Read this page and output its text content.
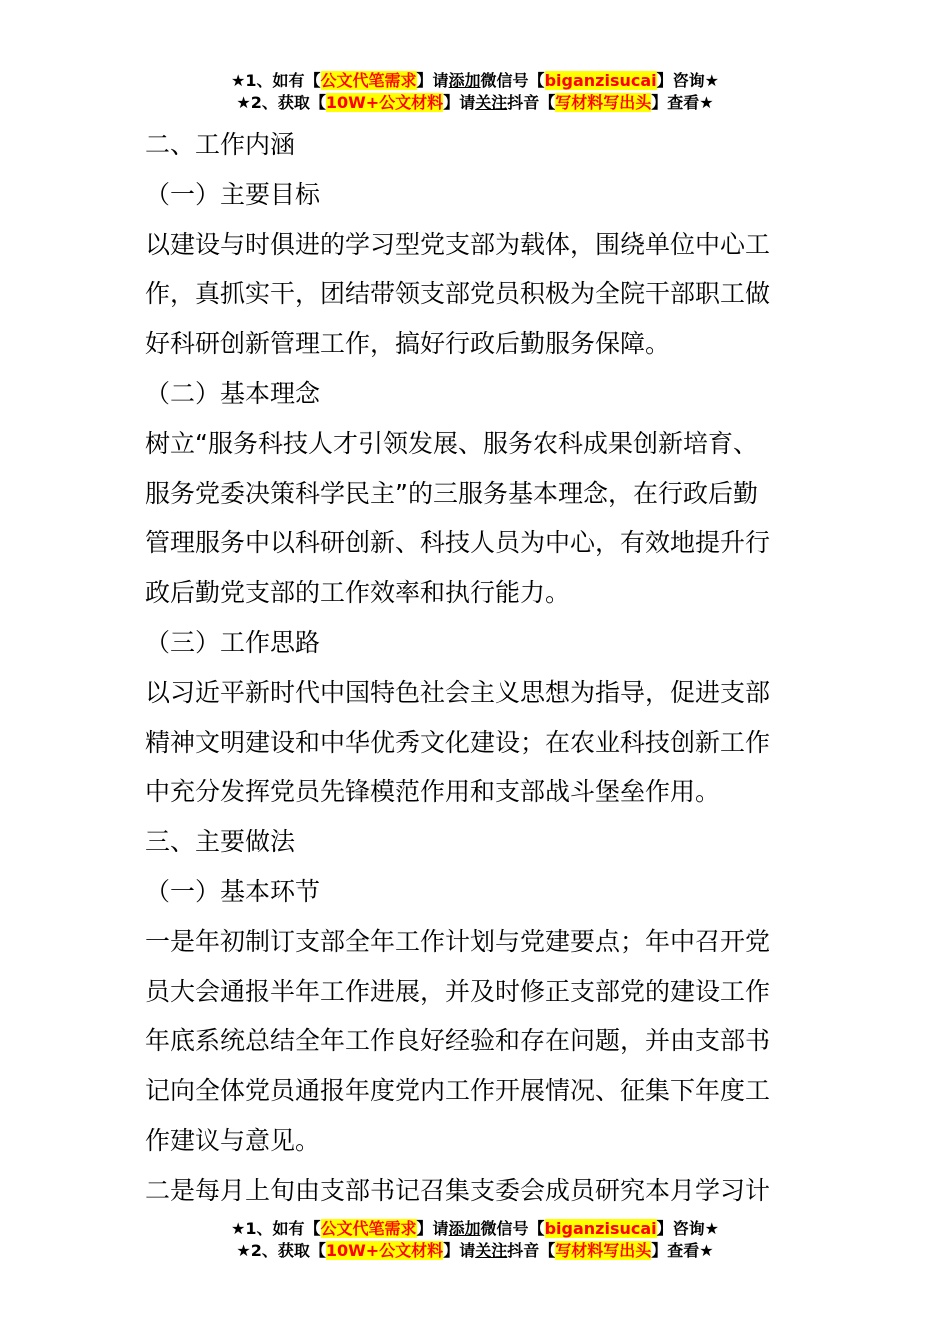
★1、如有【公文代笔需求】请添加微信号【biganzisucai】咨询★
★2、获取【10W+公文材料】请关注抖音【写材料写出头】查看★
二、工作内涵
（一）主要目标
以建设与时俱进的学习型党支部为载体，围绕单位中心工
作，真抓实干，团结带领支部党员积极为全院干部职工做
好科研创新管理工作，搞好行政后勤服务保障。
（二）基本理念
树立“服务科技人才引领发展、服务农科成果创新培育、
服务党委决策科学民主”的三服务基本理念，在行政后勤
管理服务中以科研创新、科技人员为中心，有效地提升行
政后勤党支部的工作效率和执行能力。
（三）工作思路
以习近平新时代中国特色社会主义思想为指导，促进支部
精神文明建设和中华优秀文化建设；在农业科技创新工作
中充分发挥党员先锋模范作用和支部战斗堡垒作用。
三、主要做法
（一）基本环节
一是年初制订支部全年工作计划与党建要点；年中召开党
员大会通报半年工作进展，并及时修正支部党的建设工作
年底系统总结全年工作良好经验和存在问题，并由支部书
记向全体党员通报年度党内工作开展情况、征集下年度工
作建议与意见。
二是每月上旬由支部书记召集支委会成员研究本月学习计
★1、如有【公文代笔需求】请添加微信号【biganzisucai】咨询★
★2、获取【10W+公文材料】请关注抖音【写材料写出头】查看★
